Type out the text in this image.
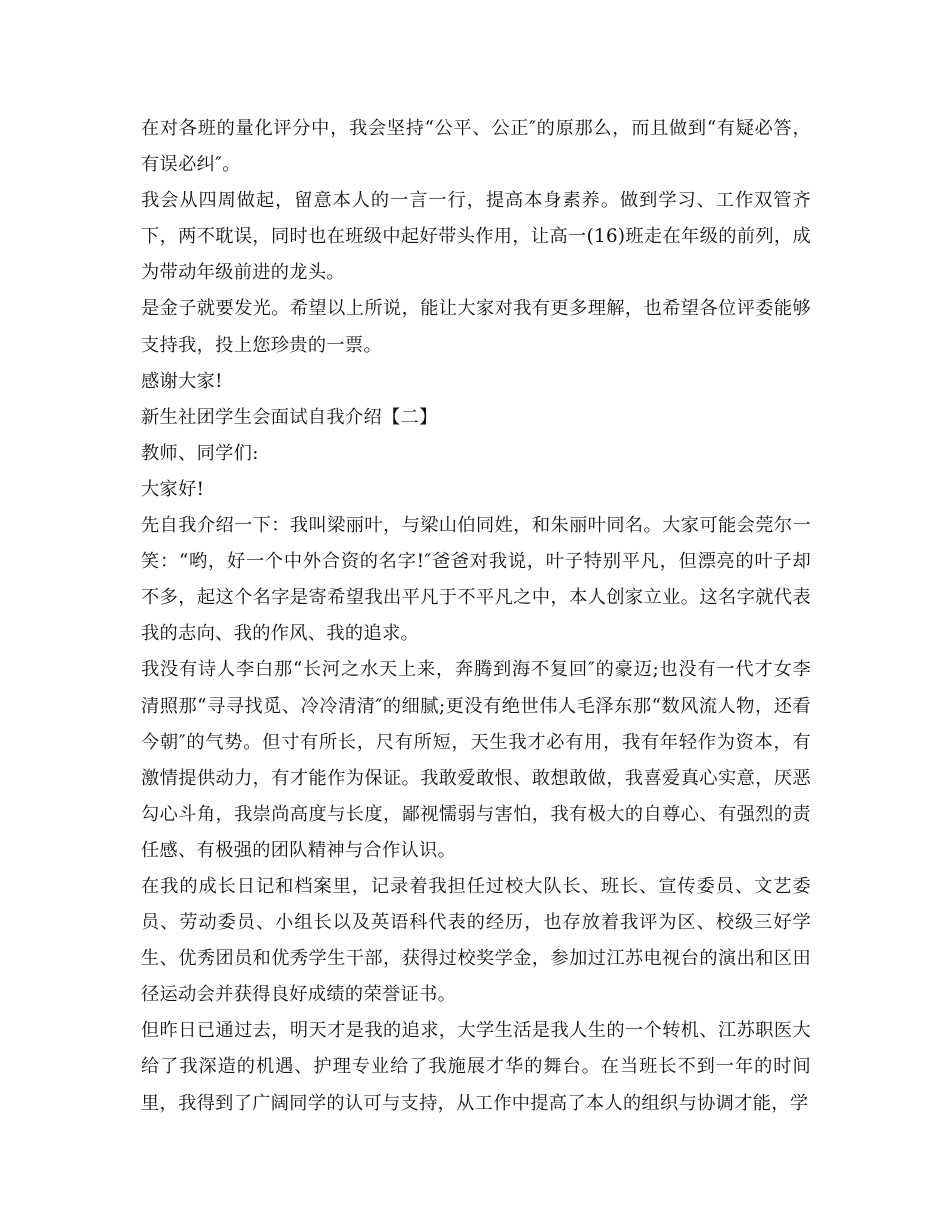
在对各班的量化评分中，我会坚持“公平、公正″的原那么，而且做到“有疑必答，有误必纠″。

我会从四周做起，留意本人的一言一行，提高本身素养。做到学习、工作双管齐下，两不耽误，同时也在班级中起好带头作用，让高一(16)班走在年级的前列，成为带动年级前进的龙头。

是金子就要发光。希望以上所说，能让大家对我有更多理解，也希望各位评委能够支持我，投上您珍贵的一票。

感谢大家!

新生社团学生会面试自我介绍【二】

教师、同学们:

大家好!

先自我介绍一下：我叫梁丽叶，与梁山伯同姓，和朱丽叶同名。大家可能会莞尔一笑：“哟，好一个中外合资的名字!″爸爸对我说，叶子特别平凡，但漂亮的叶子却不多，起这个名字是寄希望我出平凡于不平凡之中，本人创家立业。这名字就代表我的志向、我的作风、我的追求。

我没有诗人李白那“长河之水天上来，奔腾到海不复回″的豪迈;也没有一代才女李清照那“寻寻找觅、冷冷清清″的细腻;更没有绝世伟人毛泽东那“数风流人物，还看今朝″的气势。但寸有所长，尺有所短，天生我才必有用，我有年轻作为资本，有激情提供动力，有才能作为保证。我敢爱敢恨、敢想敢做，我喜爱真心实意，厌恶勾心斗角，我崇尚高度与长度，鄙视懦弱与害怕，我有极大的自尊心、有强烈的责任感、有极强的团队精神与合作认识。

在我的成长日记和档案里，记录着我担任过校大队长、班长、宣传委员、文艺委员、劳动委员、小组长以及英语科代表的经历，也存放着我评为区、校级三好学生、优秀团员和优秀学生干部，获得过校奖学金，参加过江苏电视台的演出和区田径运动会并获得良好成绩的荣誉证书。

但昨日已通过去，明天才是我的追求，大学生活是我人生的一个转机、江苏职医大给了我深造的机遇、护理专业给了我施展才华的舞台。在当班长不到一年的时间里，我得到了广阔同学的认可与支持，从工作中提高了本人的组织与协调才能，学
